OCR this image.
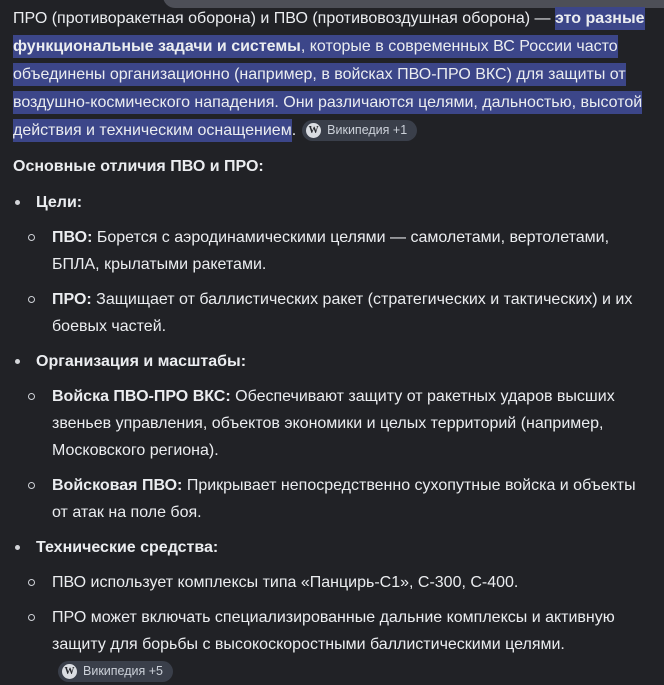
ПРО (противоракетная оборона) и ПВО (противовоздушная оборона) — это разные функциональные задачи и системы, которые в современных ВС России часто объединены организационно (например, в войсках ПВО-ПРО ВКС) для защиты от воздушно-космического нападения. Они различаются целями, дальностью, высотой действия и техническим оснащением. W Википедия +1

Основные отличия ПВО и ПРО:
Цели:
ПВО: Борется с аэродинамическими целями — самолетами, вертолетами, БПЛА, крылатыми ракетами.
ПРО: Защищает от баллистических ракет (стратегических и тактических) и их боевых частей.
Организация и масштабы:
Войска ПВО-ПРО ВКС: Обеспечивают защиту от ракетных ударов высших звеньев управления, объектов экономики и целых территорий (например, Московского региона).
Войсковая ПВО: Прикрывает непосредственно сухопутные войска и объекты от атак на поле боя.
Технические средства:
ПВО использует комплексы типа «Панцирь-С1», С-300, С-400.
ПРО может включать специализированные дальние комплексы и активную защиту для борьбы с высокоскоростными баллистическими целями.
W Википедия +5
